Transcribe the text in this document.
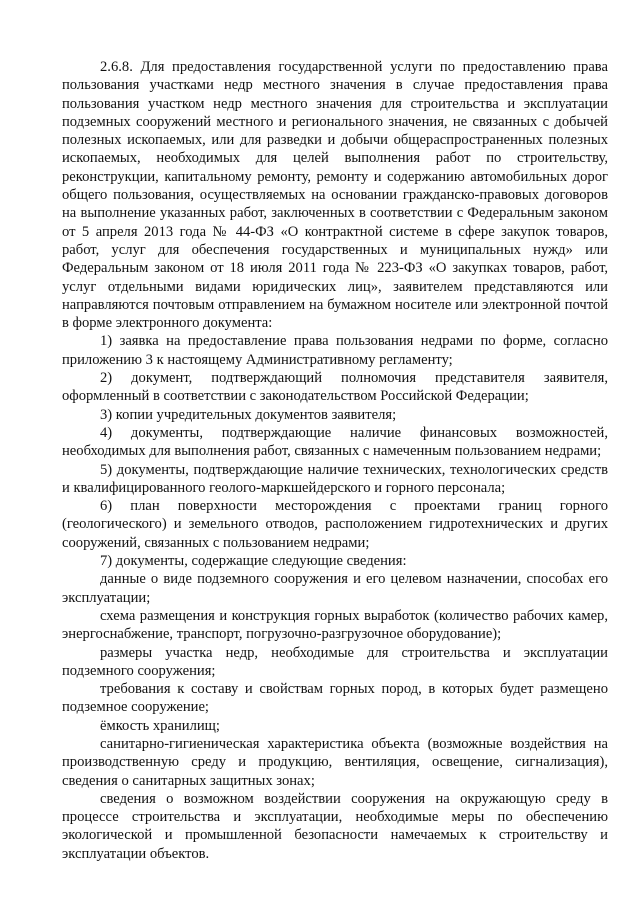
2.6.8. Для предоставления государственной услуги по предоставлению права пользования участками недр местного значения в случае предоставления права пользования участком недр местного значения для строительства и эксплуатации подземных сооружений местного и регионального значения, не связанных с добычей полезных ископаемых, или для разведки и добычи общераспространенных полезных ископаемых, необходимых для целей выполнения работ по строительству, реконструкции, капитальному ремонту, ремонту и содержанию автомобильных дорог общего пользования, осуществляемых на основании гражданско-правовых договоров на выполнение указанных работ, заключенных в соответствии с Федеральным законом от 5 апреля 2013 года № 44-ФЗ «О контрактной системе в сфере закупок товаров, работ, услуг для обеспечения государственных и муниципальных нужд» или Федеральным законом от 18 июля 2011 года № 223-ФЗ «О закупках товаров, работ, услуг отдельными видами юридических лиц», заявителем представляются или направляются почтовым отправлением на бумажном носителе или электронной почтой в форме электронного документа:

1) заявка на предоставление права пользования недрами по форме, согласно приложению 3 к настоящему Административному регламенту;

2) документ, подтверждающий полномочия представителя заявителя, оформленный в соответствии с законодательством Российской Федерации;

3) копии учредительных документов заявителя;

4) документы, подтверждающие наличие финансовых возможностей, необходимых для выполнения работ, связанных с намеченным пользованием недрами;

5) документы, подтверждающие наличие технических, технологических средств и квалифицированного геолого-маркшейдерского и горного персонала;

6) план поверхности месторождения с проектами границ горного (геологического) и земельного отводов, расположением гидротехнических и других сооружений, связанных с пользованием недрами;

7) документы, содержащие следующие сведения:

данные о виде подземного сооружения и его целевом назначении, способах его эксплуатации;

схема размещения и конструкция горных выработок (количество рабочих камер, энергоснабжение, транспорт, погрузочно-разгрузочное оборудование);

размеры участка недр, необходимые для строительства и эксплуатации подземного сооружения;

требования к составу и свойствам горных пород, в которых будет размещено подземное сооружение;

ёмкость хранилищ;

санитарно-гигиеническая характеристика объекта (возможные воздействия на производственную среду и продукцию, вентиляция, освещение, сигнализация), сведения о санитарных защитных зонах;

сведения о возможном воздействии сооружения на окружающую среду в процессе строительства и эксплуатации, необходимые меры по обеспечению экологической и промышленной безопасности намечаемых к строительству и эксплуатации объектов.
